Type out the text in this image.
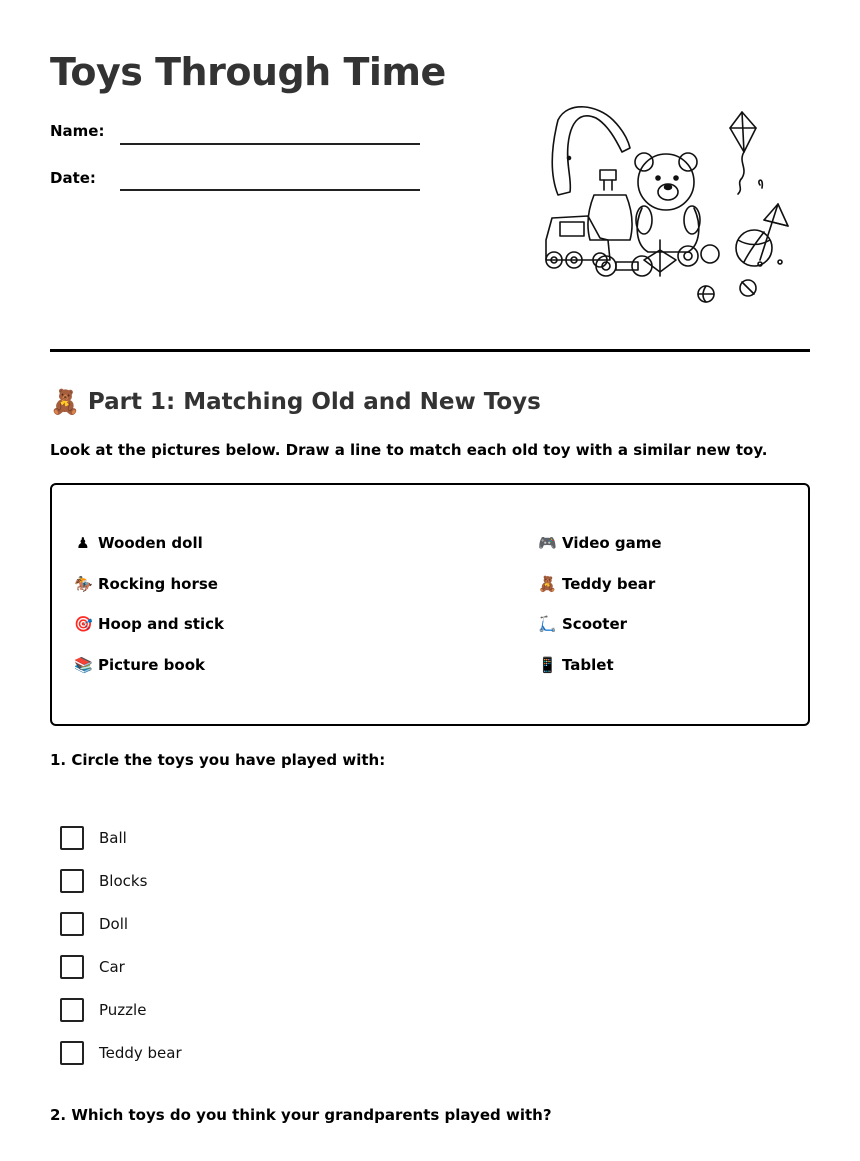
Toys Through Time
Name:
Date:
🧸 Part 1: Matching Old and New Toys

Look at the pictures below. Draw a line to match each old toy with a similar new toy.

♟ Wooden doll
🏇 Rocking horse
🎯 Hoop and stick
📚 Picture book
🎮 Video game
🧸 Teddy bear
🛴 Scooter
📱 Tablet

1. Circle the toys you have played with:

Ball
Blocks
Doll
Car
Puzzle
Teddy bear

2. Which toys do you think your grandparents played with?
